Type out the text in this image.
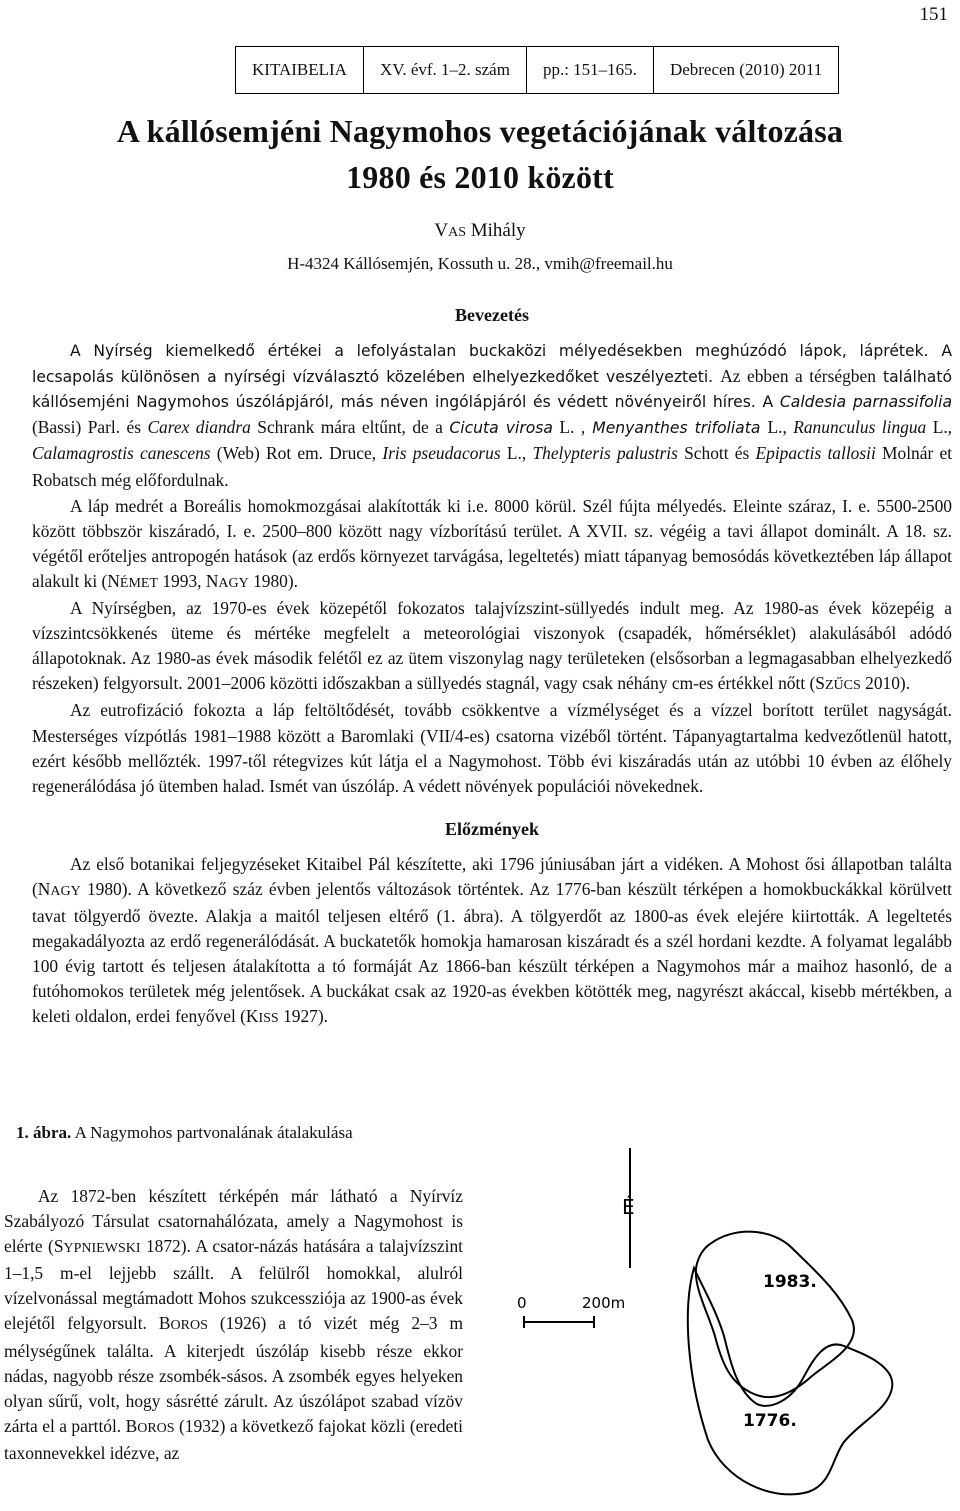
151
KITAIBELIA	XV. évf. 1–2. szám	pp.: 151–165.	Debrecen (2010) 2011
A kállósemjéni Nagymohos vegetációjának változása
1980 és 2010 között
VAS Mihály
H-4324 Kállósemjén, Kossuth u. 28., vmih@freemail.hu
Bevezetés

A Nyírség kiemelkedő értékei a lefolyástalan buckaközi mélyedésekben meghúzódó lápok, láprétek. A lecsapolás különösen a nyírségi vízválasztó közelében elhelyezkedőket veszélyezteti. Az ebben a térségben található kállósemjéni Nagymohos úszólápjáról, más néven ingólápjáról és védett növényeiről híres. A Caldesia parnassifolia (Bassi) Parl. és Carex diandra Schrank mára eltűnt, de a Cicuta virosa L. , Menyanthes trifoliata L., Ranunculus lingua L., Calamagrostis canescens (Web) Rot em. Druce, Iris pseudacorus L., Thelypteris palustris Schott és Epipactis tallosii Molnár et Robatsch még előfordulnak.

A láp medrét a Boreális homokmozgásai alakították ki i.e. 8000 körül. Szél fújta mélyedés. Eleinte száraz, I. e. 5500-2500 között többször kiszáradó, I. e. 2500–800 között nagy vízborítású terület. A XVII. sz. végéig a tavi állapot dominált. A 18. sz. végétől erőteljes antropogén hatások (az erdős környezet tarvágása, legeltetés) miatt tápanyag bemosódás következtében láp állapot alakult ki (NÉMET 1993, NAGY 1980).

A Nyírségben, az 1970-es évek közepétől fokozatos talajvízszint-süllyedés indult meg. Az 1980-as évek közepéig a vízszintcsökkenés üteme és mértéke megfelelt a meteorológiai viszonyok (csapadék, hőmérséklet) alakulásából adódó állapotoknak. Az 1980-as évek második felétől ez az ütem viszonylag nagy területeken (elsősorban a legmagasabban elhelyezkedő részeken) felgyorsult. 2001–2006 közötti időszakban a süllyedés stagnál, vagy csak néhány cm-es értékkel nőtt (SZŰCS 2010).

Az eutrofizáció fokozta a láp feltöltődését, tovább csökkentve a vízmélységet és a vízzel borított terület nagyságát. Mesterséges vízpótlás 1981–1988 között a Baromlaki (VII/4-es) csatorna vizéből történt. Tápanyagtartalma kedvezőtlenül hatott, ezért később mellőzték. 1997-től rétegvizes kút látja el a Nagymohost. Több évi kiszáradás után az utóbbi 10 évben az élőhely regenerálódása jó ütemben halad. Ismét van úszóláp. A védett növények populációi növekednek.

Előzmények

Az első botanikai feljegyzéseket Kitaibel Pál készítette, aki 1796 júniusában járt a vidéken. A Mohost ősi állapotban találta (NAGY 1980). A következő száz évben jelentős változások történtek. Az 1776-ban készült térképen a homokbuckákkal körülvett tavat tölgyerdő övezte. Alakja a maitól teljesen eltérő (1. ábra). A tölgyerdőt az 1800-as évek elejére kiirtották. A legeltetés megakadályozta az erdő regenerálódását. A buckatetők homokja hamarosan kiszáradt és a szél hordani kezdte. A folyamat legalább 100 évig tartott és teljesen átalakította a tó formáját Az 1866-ban készült térképen a Nagymohos már a maihoz hasonló, de a futóhomokos területek még jelentősek. A buckákat csak az 1920-as években kötötték meg, nagyrészt akáccal, kisebb mértékben, a keleti oldalon, erdei fenyővel (KISS 1927).

1. ábra. A Nagymohos partvonalának átalakulása

Az 1872-ben készített térképén már látható a Nyírvíz Szabályozó Társulat csatornahálózata, amely a Nagymohost is elérte (SYPNIEWSKI 1872). A csator-názás hatására a talajvízszint 1–1,5 m-el lejjebb szállt. A felülről homokkal, alulról vízelvonással megtámadott Mohos szukcessziója az 1900-as évek elejétől felgyorsult. BOROS (1926) a tó vizét még 2–3 m mélységűnek találta. A kiterjedt úszóláp kisebb része ekkor nádas, nagyobb része zsombék-sásos. A zsombék egyes helyeken olyan sűrű, volt, hogy sásrétté zárult. Az úszólápot szabad vízöv zárta el a parttól. BOROS (1932) a következő fajokat közli (eredeti taxonnevekkel idézve, az

É
0	200m
1983.
1776.
